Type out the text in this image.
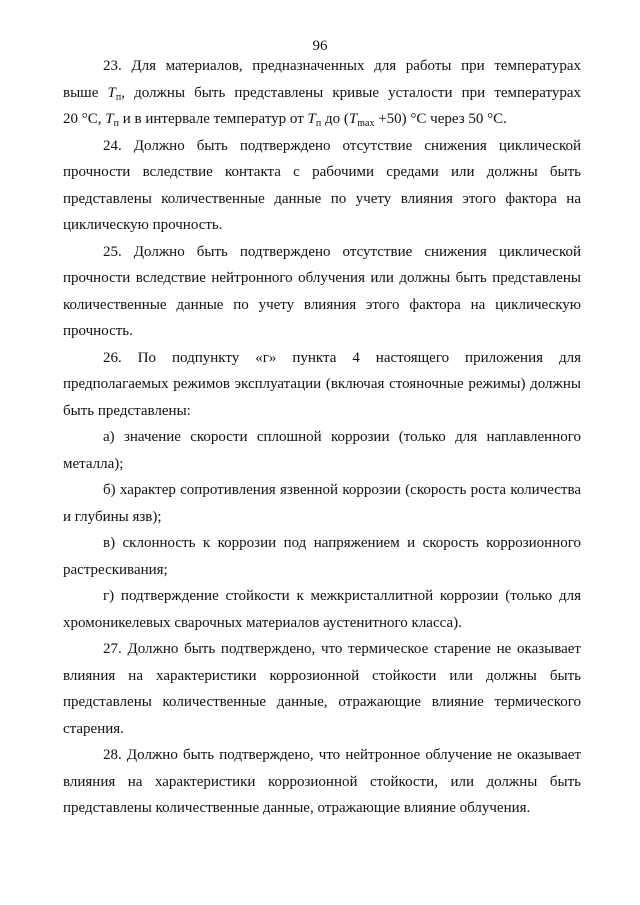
96
23. Для материалов, предназначенных для работы при температурах
выше $T_п$, должны быть представлены кривые усталости при температурах
20 °С, $T_п$ и в интервале температур от $T_п$ до $(T_{max} +50)$ °С через 50 °С.
24. Должно быть подтверждено отсутствие снижения циклической
прочности вследствие контакта с рабочими средами или должны быть
представлены количественные данные по учету влияния этого фактора на
циклическую прочность.
25. Должно быть подтверждено отсутствие снижения циклической
прочности вследствие нейтронного облучения или должны быть представлены
количественные данные по учету влияния этого фактора на циклическую
прочность.
26. По подпункту «г» пункта 4 настоящего приложения для
предполагаемых режимов эксплуатации (включая стояночные режимы) должны
быть представлены:
а) значение скорости сплошной коррозии (только для наплавленного
металла);
б) характер сопротивления язвенной коррозии (скорость роста количества
и глубины язв);
в) склонность к коррозии под напряжением и скорость коррозионного
растрескивания;
г) подтверждение стойкости к межкристаллитной коррозии (только для
хромоникелевых сварочных материалов аустенитного класса).
27. Должно быть подтверждено, что термическое старение не оказывает
влияния на характеристики коррозионной стойкости или должны быть
представлены количественные данные, отражающие влияние термического
старения.
28. Должно быть подтверждено, что нейтронное облучение не оказывает
влияния на характеристики коррозионной стойкости, или должны быть
представлены количественные данные, отражающие влияние облучения.
